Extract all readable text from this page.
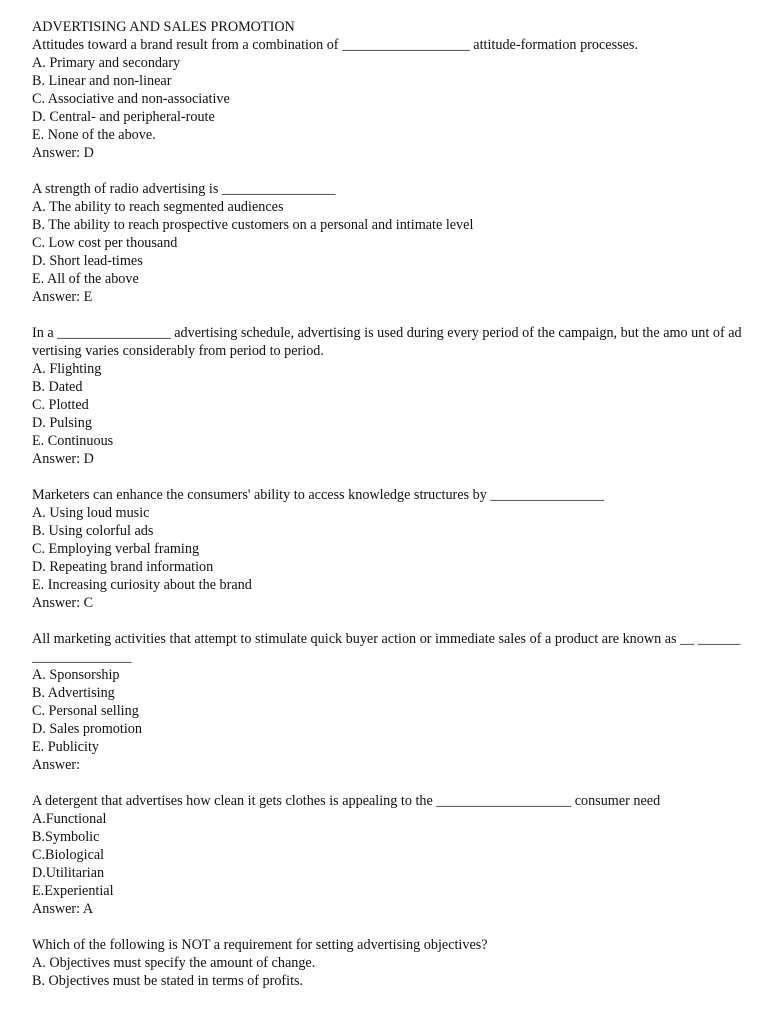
ADVERTISING AND SALES PROMOTION

Attitudes toward a brand result from a combination of __________________ attitude-formation processes.

A. Primary and secondary

B. Linear and non-linear

C. Associative and non-associative

D. Central- and peripheral-route

E. None of the above.

Answer: D

A strength of radio advertising is ________________

A. The ability to reach segmented audiences

B. The ability to reach prospective customers on a personal and intimate level

C. Low cost per thousand

D. Short lead-times

E. All of the above

Answer: E

In a ________________ advertising schedule, advertising is used during every period of the campaign, but the amo unt of advertising varies considerably from period to period.

A. Flighting

B. Dated

C. Plotted

D. Pulsing

E. Continuous

Answer: D

Marketers can enhance the consumers' ability to access knowledge structures by ________________

A. Using loud music

B. Using colorful ads

C. Employing verbal framing

D. Repeating brand information

E. Increasing curiosity about the brand

Answer: C

All marketing activities that attempt to stimulate quick buyer action or immediate sales of a product are known as __ ____________________

A. Sponsorship

B. Advertising

C. Personal selling

D. Sales promotion

E. Publicity

Answer:

A detergent that advertises how clean it gets clothes is appealing to the ___________________ consumer need

A.Functional

B.Symbolic

C.Biological

D.Utilitarian

E.Experiential

Answer: A

Which of the following is NOT a requirement for setting advertising objectives?

A. Objectives must specify the amount of change.

B. Objectives must be stated in terms of profits.
